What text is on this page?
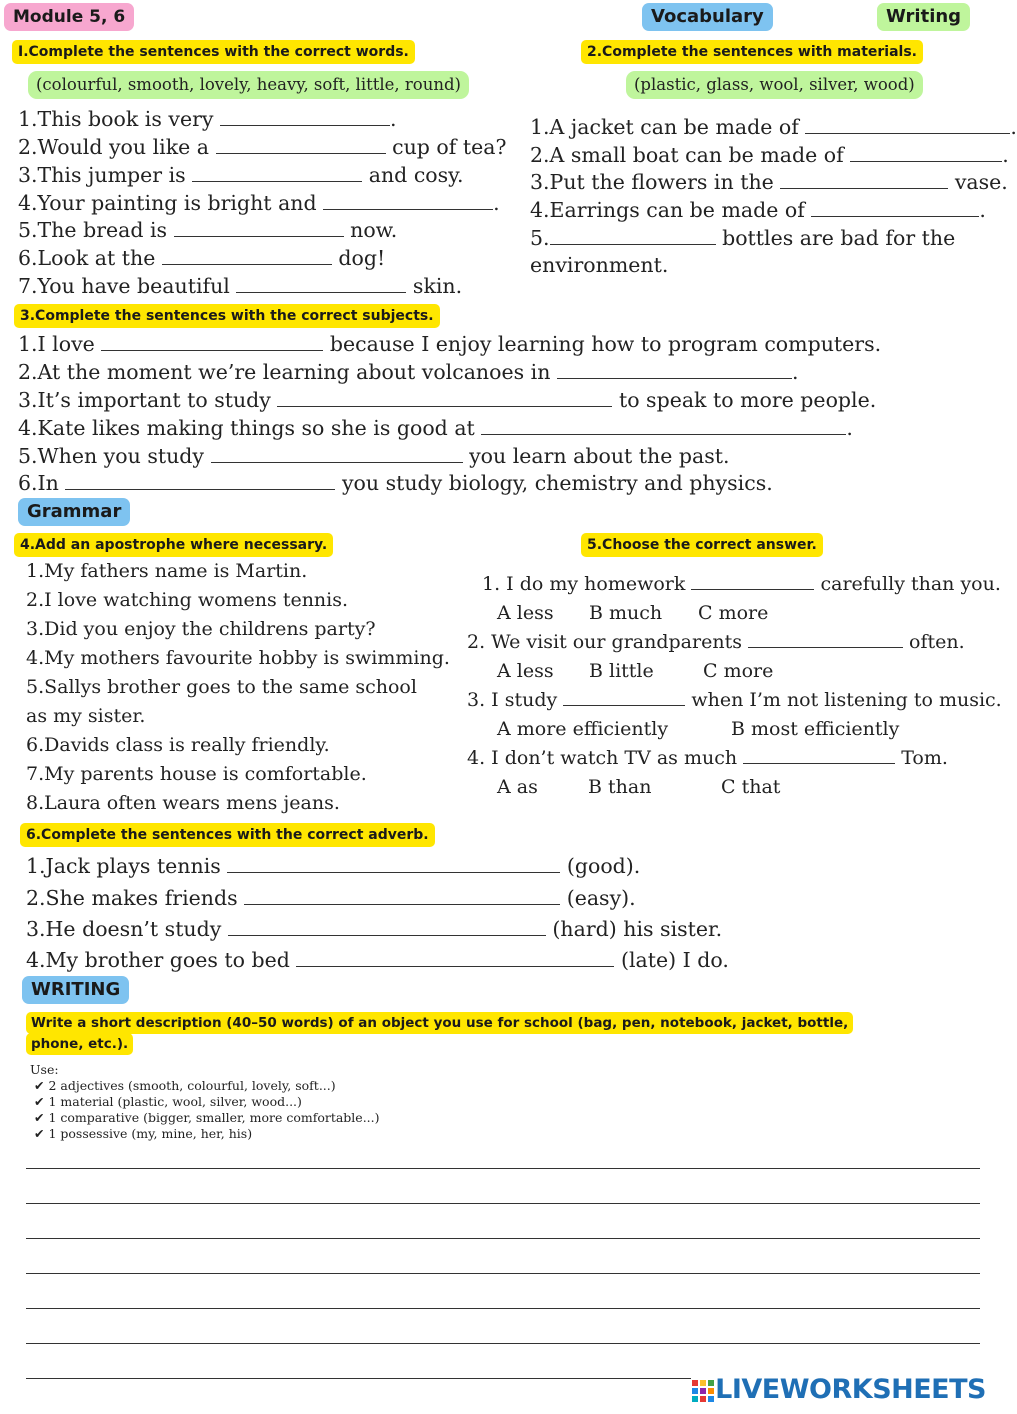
Module 5, 6	Vocabulary	Writing
I.Complete the sentences with the correct words.
(colourful, smooth, lovely, heavy, soft, little, round)
1.This book is very	.
2.Would you like a	cup of tea?
3.This jumper is	and cosy.
4.Your painting is bright and	.
5.The bread is	now.
6.Look at the	dog!
7.You have beautiful	skin.
2.Complete the sentences with materials.
(plastic, glass, wool, silver, wood)
1.A jacket can be made of	.
2.A small boat can be made of	.
3.Put the flowers in the	vase.
4.Earrings can be made of	.
5.	bottles are bad for the
environment.
3.Complete the sentences with the correct subjects.
1.I love	because I enjoy learning how to program computers.
2.At the moment we’re learning about volcanoes in	.
3.It’s important to study	to speak to more people.
4.Kate likes making things so she is good at	.
5.When you study	you learn about the past.
6.In	you study biology, chemistry and physics.
Grammar
4.Add an apostrophe where necessary.
1.My fathers name is Martin.
2.I love watching womens tennis.
3.Did you enjoy the childrens party?
4.My mothers favourite hobby is swimming.
5.Sallys brother goes to the same school
as my sister.
6.Davids class is really friendly.
7.My parents house is comfortable.
8.Laura often wears mens jeans.
5.Choose the correct answer.
1. I do my homework	carefully than you.
A less B much C more
2. We visit our grandparents	often.
A less B little	C more
3. I study	when I’m not listening to music.
A more efficiently	B most efficiently
4. I don’t watch TV as much	Tom.
A as	B than	C that
6.Complete the sentences with the correct adverb.
1.Jack plays tennis	(good).
2.She makes friends	(easy).
3.He doesn’t study	(hard) his sister.
4.My brother goes to bed	(late) I do.
WRITING
Write a short description (40–50 words) of an object you use for school (bag, pen, notebook, jacket, bottle,
phone, etc.).
Use:
✔ 2 adjectives (smooth, colourful, lovely, soft...)
✔ 1 material (plastic, wool, silver, wood...)
✔ 1 comparative (bigger, smaller, more comfortable...)
✔ 1 possessive (my, mine, her, his)
LIVEWORKSHEETS
